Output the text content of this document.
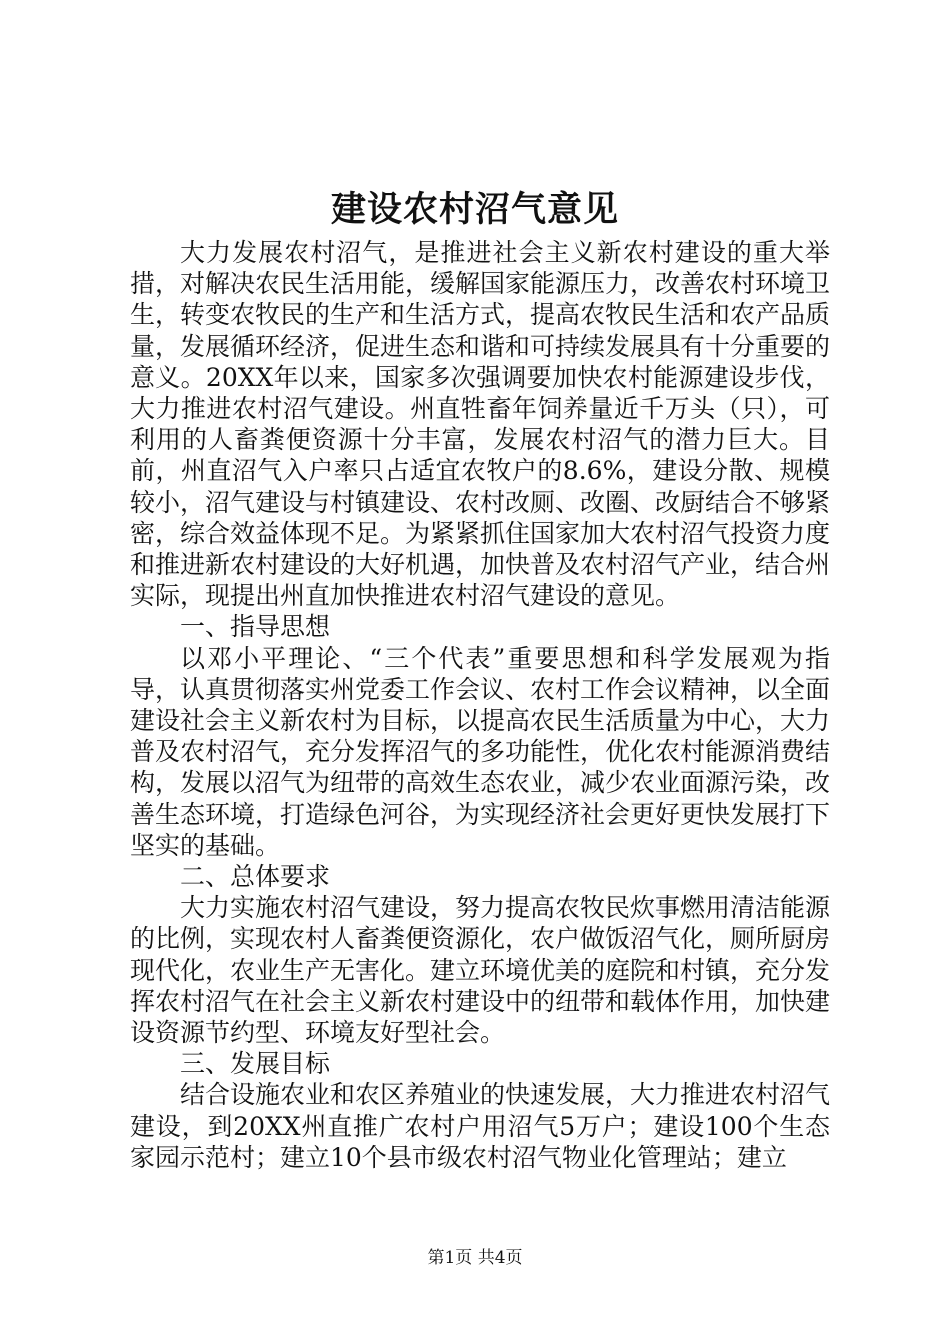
建设农村沼气意见

大力发展农村沼气，是推进社会主义新农村建设的重大举措，对解决农民生活用能，缓解国家能源压力，改善农村环境卫生，转变农牧民的生产和生活方式，提高农牧民生活和农产品质量，发展循环经济，促进生态和谐和可持续发展具有十分重要的意义。20XX年以来，国家多次强调要加快农村能源建设步伐，大力推进农村沼气建设。州直牲畜年饲养量近千万头（只），可利用的人畜粪便资源十分丰富，发展农村沼气的潜力巨大。目前，州直沼气入户率只占适宜农牧户的8.6%，建设分散、规模较小，沼气建设与村镇建设、农村改厕、改圈、改厨结合不够紧密，综合效益体现不足。为紧紧抓住国家加大农村沼气投资力度和推进新农村建设的大好机遇，加快普及农村沼气产业，结合州实际，现提出州直加快推进农村沼气建设的意见。

一、指导思想

以邓小平理论、“三个代表”重要思想和科学发展观为指导，认真贯彻落实州党委工作会议、农村工作会议精神，以全面建设社会主义新农村为目标，以提高农民生活质量为中心，大力普及农村沼气，充分发挥沼气的多功能性，优化农村能源消费结构，发展以沼气为纽带的高效生态农业，减少农业面源污染，改善生态环境，打造绿色河谷，为实现经济社会更好更快发展打下坚实的基础。

二、总体要求

大力实施农村沼气建设，努力提高农牧民炊事燃用清洁能源的比例，实现农村人畜粪便资源化，农户做饭沼气化，厕所厨房现代化，农业生产无害化。建立环境优美的庭院和村镇，充分发挥农村沼气在社会主义新农村建设中的纽带和载体作用，加快建设资源节约型、环境友好型社会。

三、发展目标

结合设施农业和农区养殖业的快速发展，大力推进农村沼气建设，到20XX州直推广农村户用沼气5万户；建设100个生态家园示范村；建立10个县市级农村沼气物业化管理站；建立

第1页 共4页
